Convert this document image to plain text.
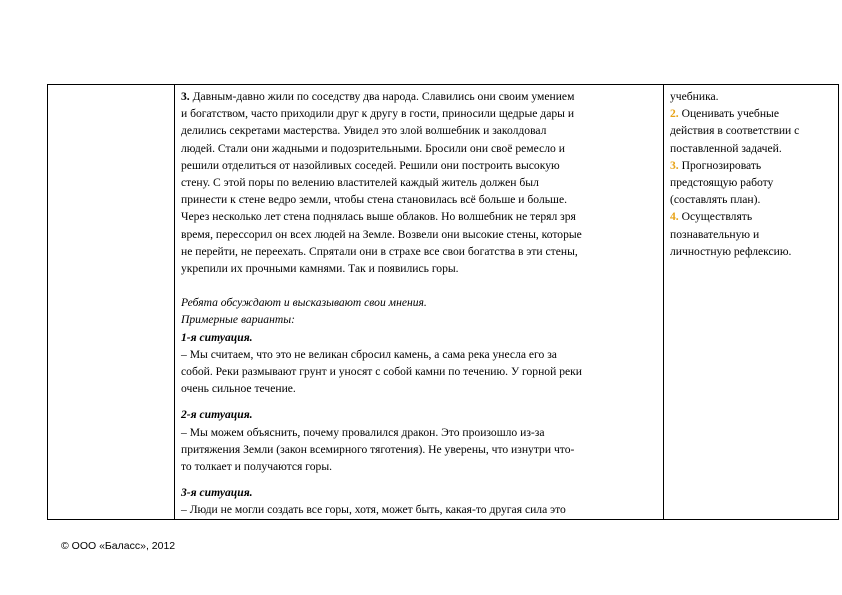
3. Давным-давно жили по соседству два народа. Славились они своим умением

и богатством, часто приходили друг к другу в гости, приносили щедрые дары и

делились секретами мастерства. Увидел это злой волшебник и заколдовал

людей. Стали они жадными и подозрительными. Бросили они своё ремесло и

решили отделиться от назойливых соседей. Решили они построить высокую

стену. С этой поры по велению властителей каждый житель должен был

принести к стене ведро земли, чтобы стена становилась всё больше и больше.

Через несколько лет стена поднялась выше облаков. Но волшебник не терял зря

время, перессорил он всех людей на Земле. Возвели они высокие стены, которые

не перейти, не переехать. Спрятали они в страхе все свои богатства в эти стены,

укрепили их прочными камнями. Так и появились горы.

Ребята обсуждают и высказывают свои мнения.

Примерные варианты:

1-я ситуация.

– Мы считаем, что это не великан сбросил камень, а сама река унесла его за

собой. Реки размывают грунт и уносят с собой камни по течению. У горной реки

очень сильное течение.

2-я ситуация.

– Мы можем объяснить, почему провалился дракон. Это произошло из-за

притяжения Земли (закон всемирного тяготения). Не уверены, что изнутри что-

то толкает и получаются горы.

3-я ситуация.

– Люди не могли создать все горы, хотя, может быть, какая-то другая сила это

учебника.

2. Оценивать учебные

действия в соответствии с

поставленной задачей.

3. Прогнозировать

предстоящую работу

(составлять план).

4. Осуществлять

познавательную и

личностную рефлексию.

© ООО «Баласс», 2012
